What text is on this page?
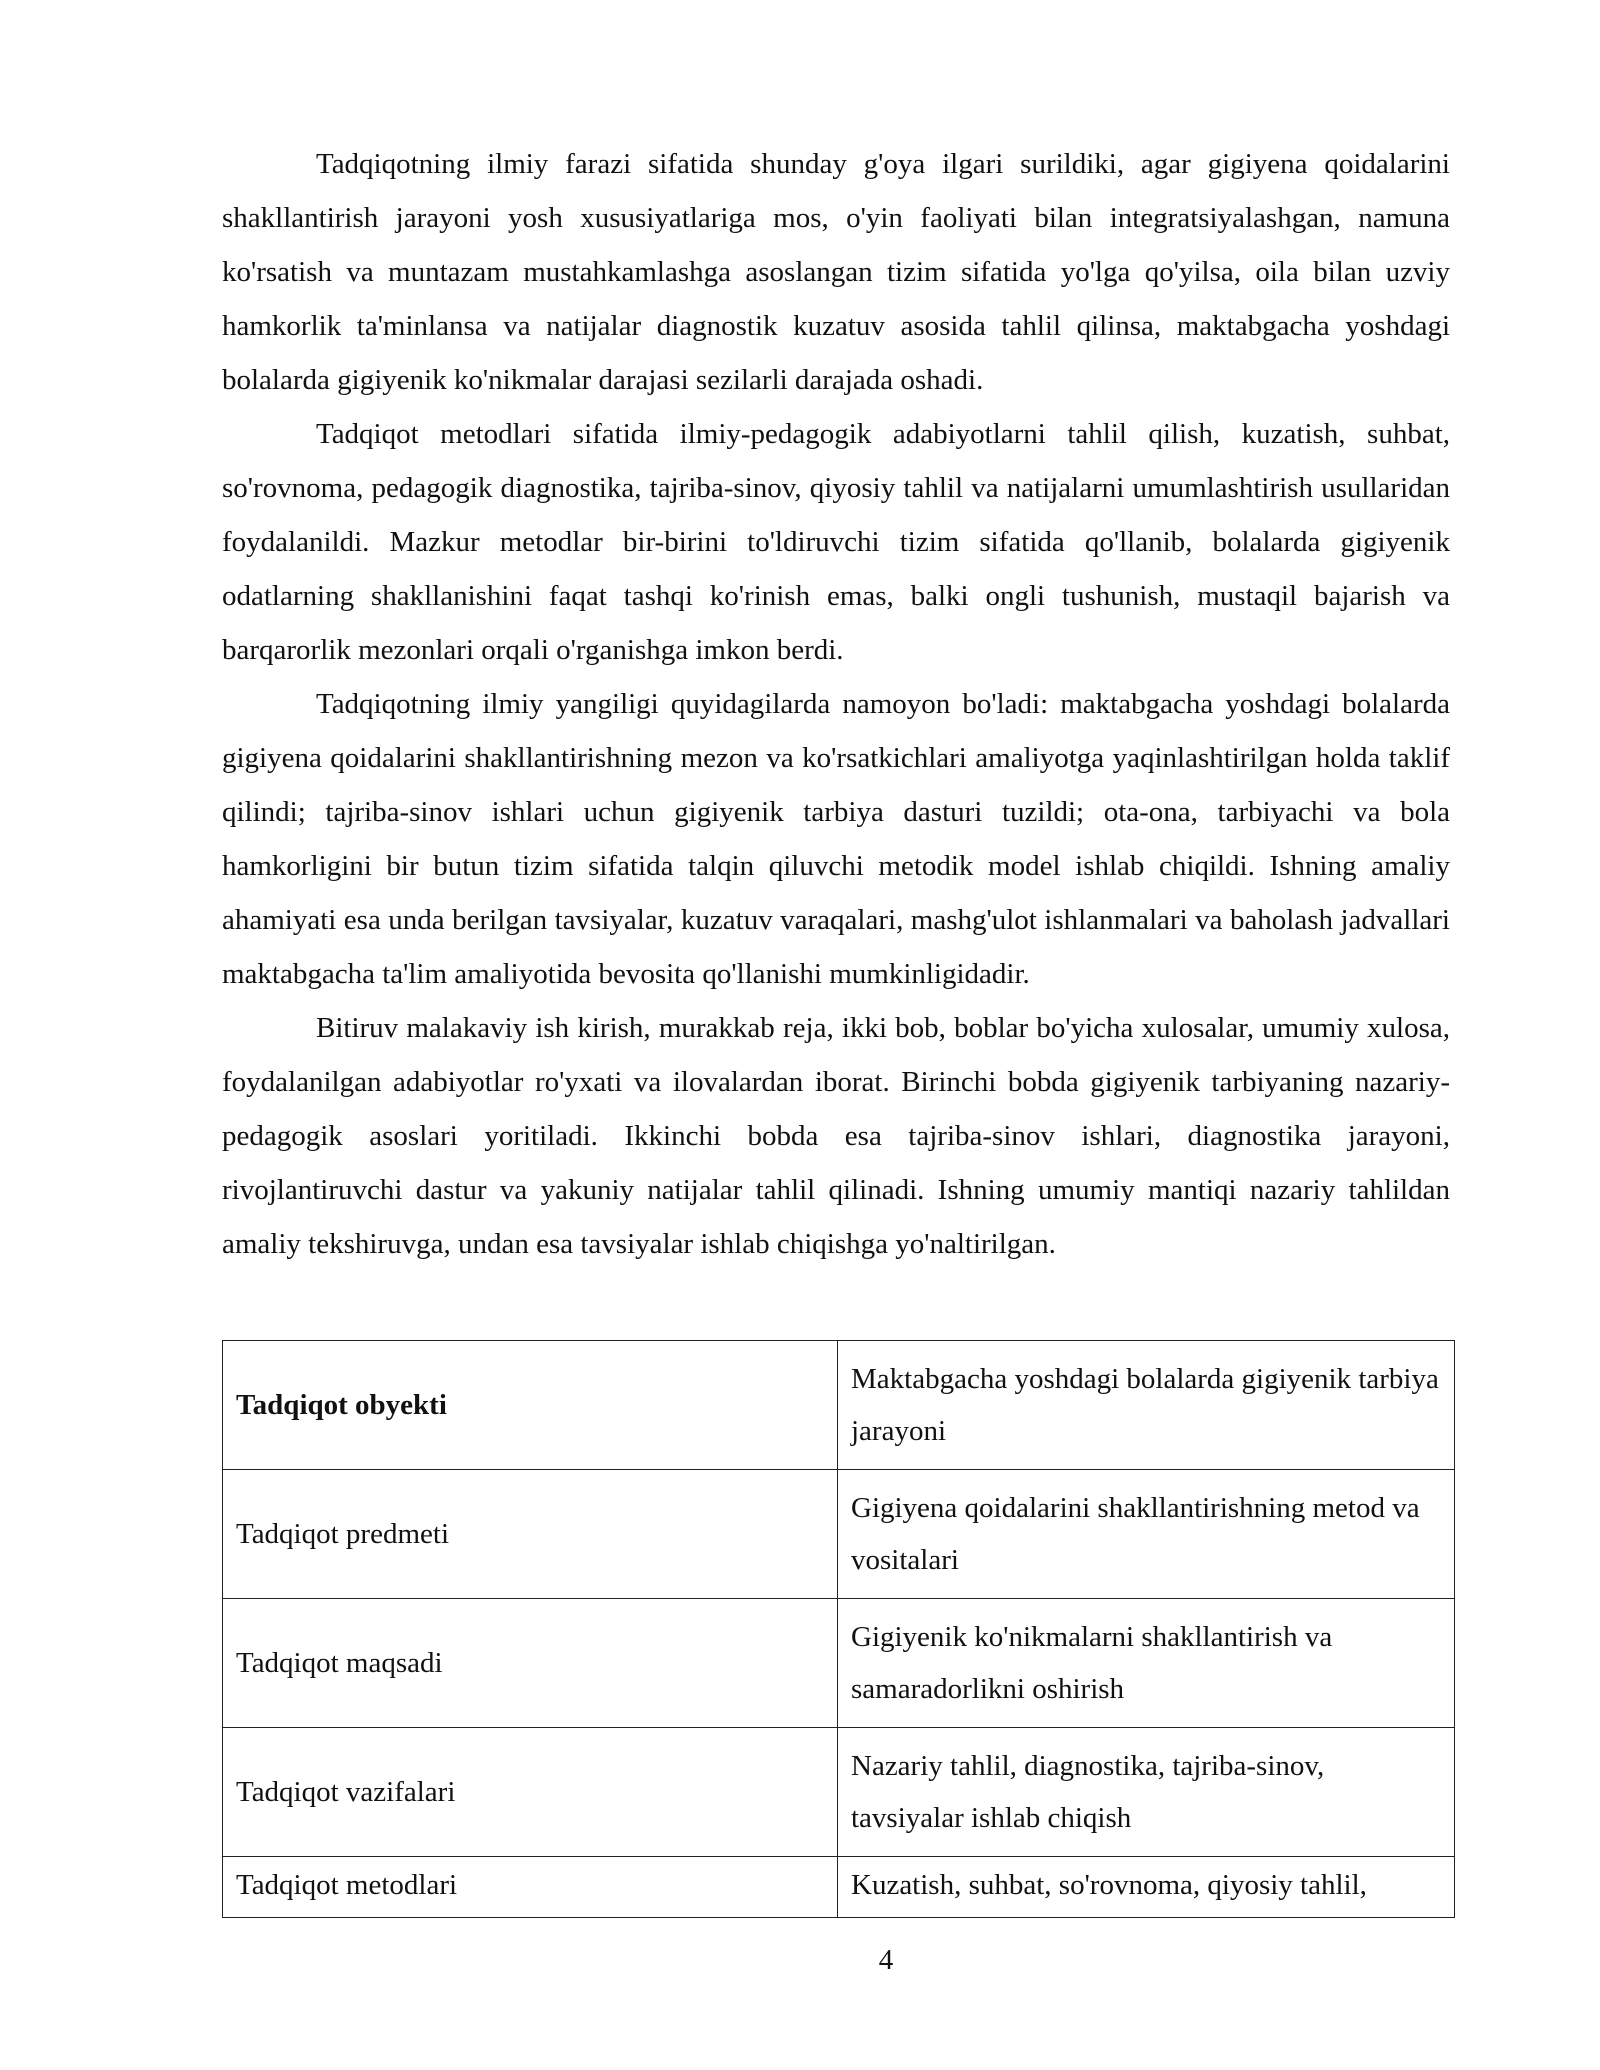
Tadqiqotning ilmiy farazi sifatida shunday g'oya ilgari surildiki, agar gigiyena qoidalarini shakllantirish jarayoni yosh xususiyatlariga mos, o'yin faoliyati bilan integratsiyalashgan, namuna ko'rsatish va muntazam mustahkamlashga asoslangan tizim sifatida yo'lga qo'yilsa, oila bilan uzviy hamkorlik ta'minlansa va natijalar diagnostik kuzatuv asosida tahlil qilinsa, maktabgacha yoshdagi bolalarda gigiyenik ko'nikmalar darajasi sezilarli darajada oshadi.

Tadqiqot metodlari sifatida ilmiy-pedagogik adabiyotlarni tahlil qilish, kuzatish, suhbat, so'rovnoma, pedagogik diagnostika, tajriba-sinov, qiyosiy tahlil va natijalarni umumlashtirish usullaridan foydalanildi. Mazkur metodlar bir-birini to'ldiruvchi tizim sifatida qo'llanib, bolalarda gigiyenik odatlarning shakllanishini faqat tashqi ko'rinish emas, balki ongli tushunish, mustaqil bajarish va barqarorlik mezonlari orqali o'rganishga imkon berdi.

Tadqiqotning ilmiy yangiligi quyidagilarda namoyon bo'ladi: maktabgacha yoshdagi bolalarda gigiyena qoidalarini shakllantirishning mezon va ko'rsatkichlari amaliyotga yaqinlashtirilgan holda taklif qilindi; tajriba-sinov ishlari uchun gigiyenik tarbiya dasturi tuzildi; ota-ona, tarbiyachi va bola hamkorligini bir butun tizim sifatida talqin qiluvchi metodik model ishlab chiqildi. Ishning amaliy ahamiyati esa unda berilgan tavsiyalar, kuzatuv varaqalari, mashg'ulot ishlanmalari va baholash jadvallari maktabgacha ta'lim amaliyotida bevosita qo'llanishi mumkinligidadir.

Bitiruv malakaviy ish kirish, murakkab reja, ikki bob, boblar bo'yicha xulosalar, umumiy xulosa, foydalanilgan adabiyotlar ro'yxati va ilovalardan iborat. Birinchi bobda gigiyenik tarbiyaning nazariy-pedagogik asoslari yoritiladi. Ikkinchi bobda esa tajriba-sinov ishlari, diagnostika jarayoni, rivojlantiruvchi dastur va yakuniy natijalar tahlil qilinadi. Ishning umumiy mantiqi nazariy tahlildan amaliy tekshiruvga, undan esa tavsiyalar ishlab chiqishga yo'naltirilgan.

Tadqiqot obyekti	Maktabgacha yoshdagi bolalarda gigiyenik tarbiya jarayoni
Tadqiqot predmeti	Gigiyena qoidalarini shakllantirishning metod va vositalari
Tadqiqot maqsadi	Gigiyenik ko'nikmalarni shakllantirish va samaradorlikni oshirish
Tadqiqot vazifalari	Nazariy tahlil, diagnostika, tajriba-sinov, tavsiyalar ishlab chiqish
Tadqiqot metodlari	Kuzatish, suhbat, so'rovnoma, qiyosiy tahlil,
4
